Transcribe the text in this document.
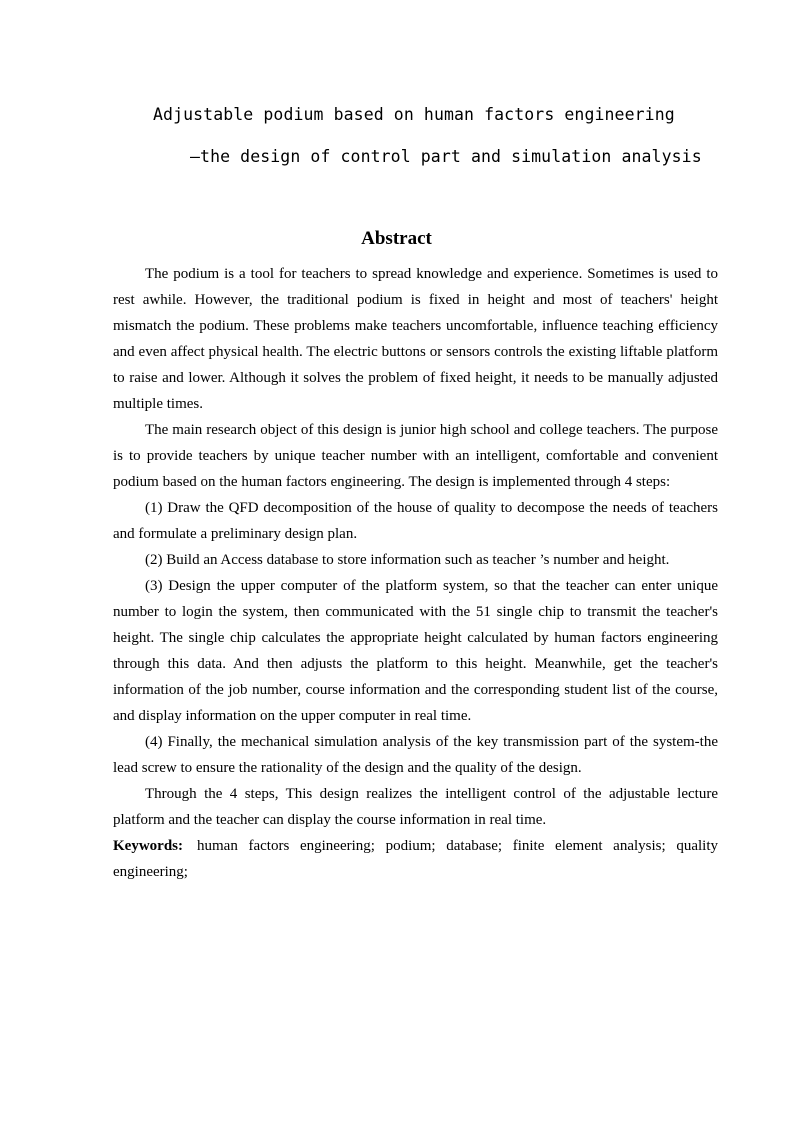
Adjustable podium based on human factors engineering
—the design of control part and simulation analysis
Abstract

The podium is a tool for teachers to spread knowledge and experience. Sometimes is used to rest awhile. However, the traditional podium is fixed in height and most of teachers' height mismatch the podium. These problems make teachers uncomfortable, influence teaching efficiency and even affect physical health. The electric buttons or sensors controls the existing liftable platform to raise and lower. Although it solves the problem of fixed height, it needs to be manually adjusted multiple times.

The main research object of this design is junior high school and college teachers. The purpose is to provide teachers by unique teacher number with an intelligent, comfortable and convenient podium based on the human factors engineering. The design is implemented through 4 steps:

(1) Draw the QFD decomposition of the house of quality to decompose the needs of teachers and formulate a preliminary design plan.

(2) Build an Access database to store information such as teacher ’s number and height.

(3) Design the upper computer of the platform system, so that the teacher can enter unique number to login the system, then communicated with the 51 single chip to transmit the teacher's height. The single chip calculates the appropriate height calculated by human factors engineering through this data. And then adjusts the platform to this height. Meanwhile, get the teacher's information of the job number, course information and the corresponding student list of the course, and display information on the upper computer in real time.

(4) Finally, the mechanical simulation analysis of the key transmission part of the system-the lead screw to ensure the rationality of the design and the quality of the design.

Through the 4 steps, This design realizes the intelligent control of the adjustable lecture platform and the teacher can display the course information in real time.

Keywords: human factors engineering; podium; database; finite element analysis; quality engineering;
